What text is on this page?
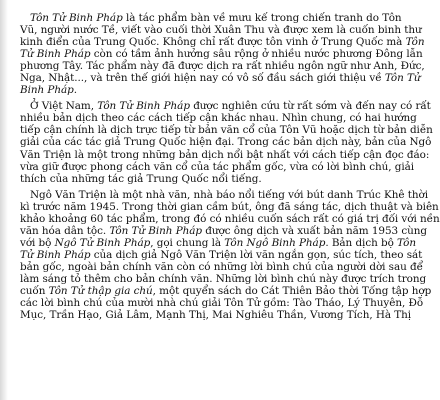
Tôn Tử Binh Pháp là tác phẩm bàn về mưu kế trong chiến tranh do Tôn
Vũ, người nước Tề, viết vào cuối thời Xuân Thu và được xem là cuốn binh thư
kinh điển của Trung Quốc. Không chỉ rất được tôn vinh ở Trung Quốc mà Tôn
Tử Binh Pháp còn có tầm ảnh hưởng sâu rộng ở nhiều nước phương Đông lẫn
phương Tây. Tác phẩm này đã được dịch ra rất nhiều ngôn ngữ như Anh, Đức,
Nga, Nhật..., và trên thế giới hiện nay có vô số đầu sách giới thiệu về Tôn Tử
Binh Pháp.
Ở Việt Nam, Tôn Tử Binh Pháp được nghiên cứu từ rất sớm và đến nay có rất
nhiều bản dịch theo các cách tiếp cận khác nhau. Nhìn chung, có hai hướng
tiếp cận chính là dịch trực tiếp từ bản văn cổ của Tôn Vũ hoặc dịch từ bản diễn
giải của các tác giả Trung Quốc hiện đại. Trong các bản dịch này, bản của Ngô
Văn Triện là một trong những bản dịch nổi bật nhất với cách tiếp cận đọc đáo:
vừa giữ được phong cách văn cổ của tác phẩm gốc, vừa có lời bình chú, giải
thích của những tác giả Trung Quốc nổi tiếng.
Ngô Văn Triện là một nhà văn, nhà báo nổi tiếng với bút danh Trúc Khê thời
kì trước năm 1945. Trong thời gian cầm bút, ông đã sáng tác, dịch thuật và biên
khảo khoảng 60 tác phẩm, trong đó có nhiều cuốn sách rất có giá trị đối với nền
văn hóa dân tộc. Tôn Tử Binh Pháp được ông dịch và xuất bản năm 1953 cùng
với bộ Ngô Tử Binh Pháp, gọi chung là Tôn Ngô Binh Pháp. Bản dịch bộ Tôn
Tử Binh Pháp của dịch giả Ngô Văn Triện lời văn ngắn gọn, súc tích, theo sát
bản gốc, ngoài bản chính văn còn có những lời bình chú của người dời sau để
làm sáng tỏ thêm cho bản chính văn. Những lời bình chú này được trích trong
cuốn Tôn Tử thập gia chú, một quyển sách do Cát Thiên Bảo thời Tống tập hợp
các lời bình chú của mười nhà chú giải Tôn Tử gồm: Tào Tháo, Lý Thuyên, Đỗ
Mục, Trần Hạo, Giả Lâm, Mạnh Thị, Mai Nghiêu Thần, Vương Tích, Hà Thị
